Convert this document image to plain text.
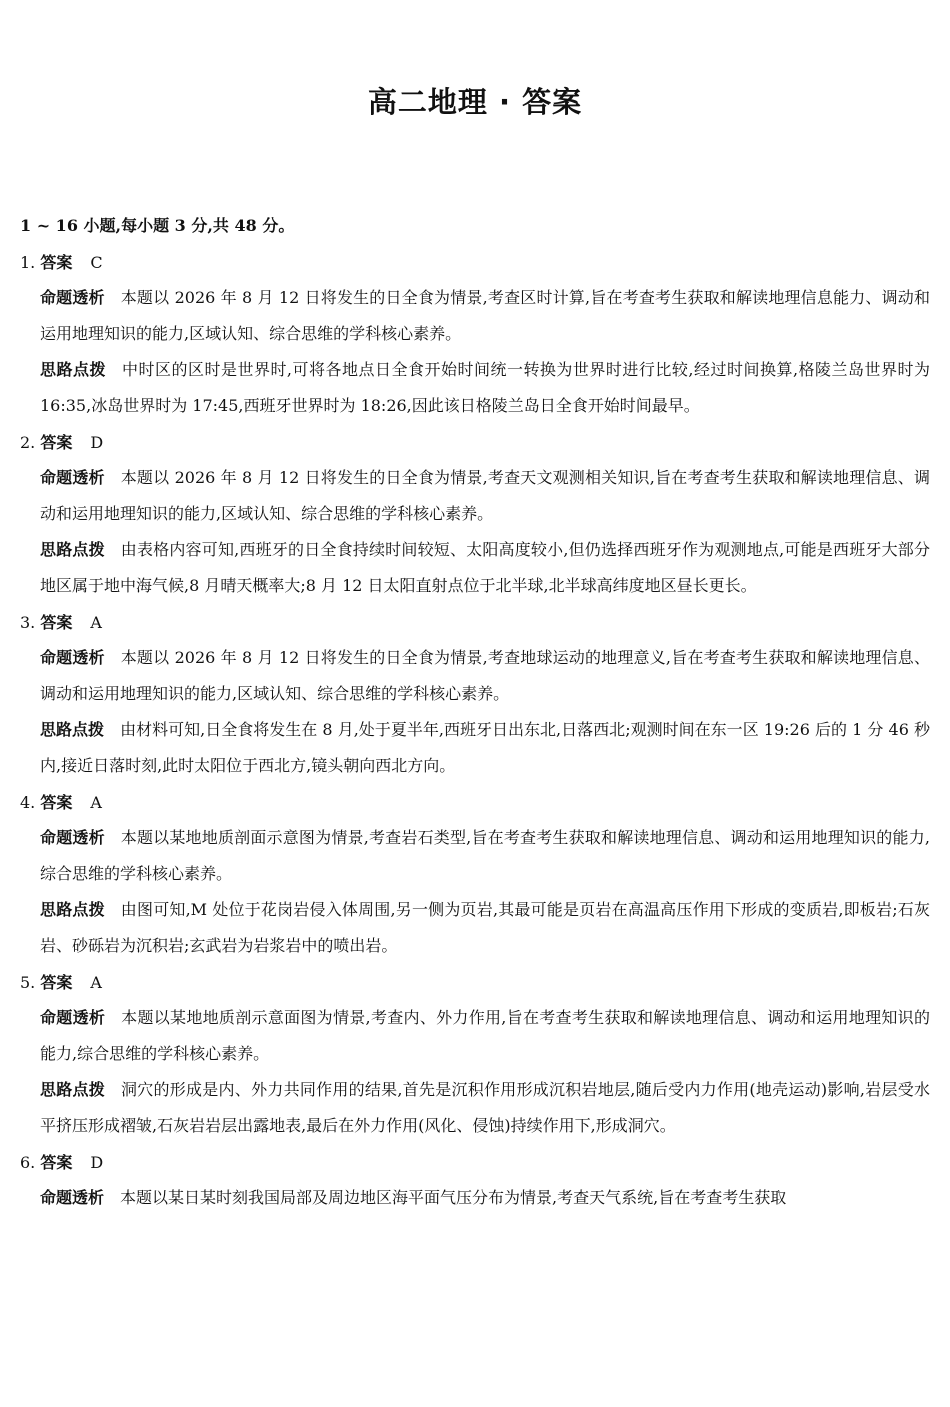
高二地理 · 答案
1 ~ 16 小题,每小题 3 分,共 48 分。
1. 答案 C
命题透析 本题以 2026 年 8 月 12 日将发生的日全食为情景,考查区时计算,旨在考查考生获取和解读地理信息能力、调动和运用地理知识的能力,区域认知、综合思维的学科核心素养。
思路点拨 中时区的区时是世界时,可将各地点日全食开始时间统一转换为世界时进行比较,经过时间换算,格陵兰岛世界时为 16:35,冰岛世界时为 17:45,西班牙世界时为 18:26,因此该日格陵兰岛日全食开始时间最早。
2. 答案 D
命题透析 本题以 2026 年 8 月 12 日将发生的日全食为情景,考查天文观测相关知识,旨在考查考生获取和解读地理信息、调动和运用地理知识的能力,区域认知、综合思维的学科核心素养。
思路点拨 由表格内容可知,西班牙的日全食持续时间较短、太阳高度较小,但仍选择西班牙作为观测地点,可能是西班牙大部分地区属于地中海气候,8 月晴天概率大;8 月 12 日太阳直射点位于北半球,北半球高纬度地区昼长更长。
3. 答案 A
命题透析 本题以 2026 年 8 月 12 日将发生的日全食为情景,考查地球运动的地理意义,旨在考查考生获取和解读地理信息、调动和运用地理知识的能力,区域认知、综合思维的学科核心素养。
思路点拨 由材料可知,日全食将发生在 8 月,处于夏半年,西班牙日出东北,日落西北;观测时间在东一区 19:26 后的 1 分 46 秒内,接近日落时刻,此时太阳位于西北方,镜头朝向西北方向。
4. 答案 A
命题透析 本题以某地地质剖面示意图为情景,考查岩石类型,旨在考查考生获取和解读地理信息、调动和运用地理知识的能力,综合思维的学科核心素养。
思路点拨 由图可知,M 处位于花岗岩侵入体周围,另一侧为页岩,其最可能是页岩在高温高压作用下形成的变质岩,即板岩;石灰岩、砂砾岩为沉积岩;玄武岩为岩浆岩中的喷出岩。
5. 答案 A
命题透析 本题以某地地质剖示意面图为情景,考查内、外力作用,旨在考查考生获取和解读地理信息、调动和运用地理知识的能力,综合思维的学科核心素养。
思路点拨 洞穴的形成是内、外力共同作用的结果,首先是沉积作用形成沉积岩地层,随后受内力作用(地壳运动)影响,岩层受水平挤压形成褶皱,石灰岩岩层出露地表,最后在外力作用(风化、侵蚀)持续作用下,形成洞穴。
6. 答案 D
命题透析 本题以某日某时刻我国局部及周边地区海平面气压分布为情景,考查天气系统,旨在考查考生获取
